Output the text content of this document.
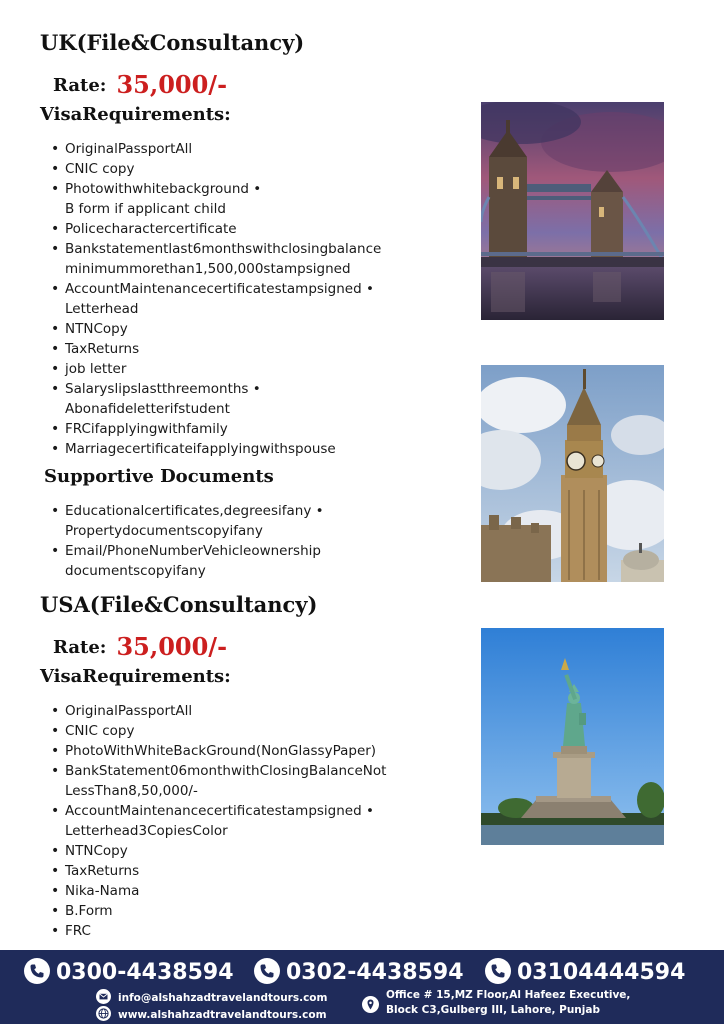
UK(File&Consultancy)
Rate: 35,000/-
VisaRequirements:
• OriginalPassportAll
• CNIC copy
• Photowithwhitebackground •
B form if applicant child
• Policecharactercertificate
• Bankstatementlast6monthswithclosingbalance
minimummorethan1,500,000stampsigned
• AccountMaintenancecertificatestampsigned •
Letterhead
• NTNCopy
• TaxReturns
• job letter
• Salaryslipslastthreemonths •
Abonafideletterifstudent
• FRCifapplyingwithfamily
• Marriagecertificateifapplyingwithspouse
Supportive Documents
• Educationalcertificates,degreesifany •
Propertydocumentscopyifany
• Email/PhoneNumberVehicleownership
documentscopyifany
USA(File&Consultancy)
Rate: 35,000/-
VisaRequirements:
• OriginalPassportAll
• CNIC copy
• PhotoWithWhiteBackGround(NonGlassyPaper)
• BankStatement06monthwithClosingBalanceNot
LessThan8,50,000/-
• AccountMaintenancecertificatestampsigned •
Letterhead3CopiesColor
• NTNCopy
• TaxReturns
• Nika-Nama
• B.Form
• FRC
0300-4438594	0302-4438594	03104444594
info@alshahzadtravelandtours.com
www.alshahzadtravelandtours.com
Office # 15,MZ Floor,Al Hafeez Executive,
Block C3,Gulberg III, Lahore, Punjab
